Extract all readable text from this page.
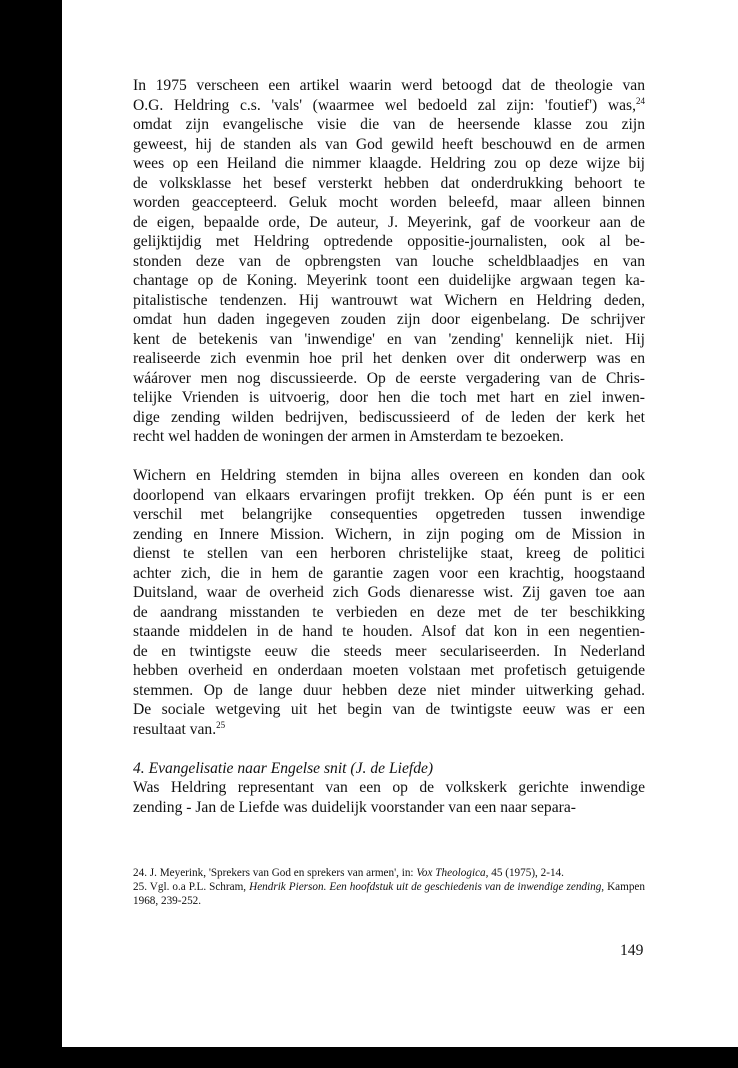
In 1975 verscheen een artikel waarin werd betoogd dat de theologie van
O.G. Heldring c.s. 'vals' (waarmee wel bedoeld zal zijn: 'foutief') was,$^{24}$
omdat zijn evangelische visie die van de heersende klasse zou zijn
geweest, hij de standen als van God gewild heeft beschouwd en de armen
wees op een Heiland die nimmer klaagde. Heldring zou op deze wijze bij
de volksklasse het besef versterkt hebben dat onderdrukking behoort te
worden geaccepteerd. Geluk mocht worden beleefd, maar alleen binnen
de eigen, bepaalde orde, De auteur, J. Meyerink, gaf de voorkeur aan de
gelijktijdig met Heldring optredende oppositie-journalisten, ook al be-
stonden deze van de opbrengsten van louche scheldblaadjes en van
chantage op de Koning. Meyerink toont een duidelijke argwaan tegen ka-
pitalistische tendenzen. Hij wantrouwt wat Wichern en Heldring deden,
omdat hun daden ingegeven zouden zijn door eigenbelang. De schrijver
kent de betekenis van 'inwendige' en van 'zending' kennelijk niet. Hij
realiseerde zich evenmin hoe pril het denken over dit onderwerp was en
wáárover men nog discussieerde. Op de eerste vergadering van de Chris-
telijke Vrienden is uitvoerig, door hen die toch met hart en ziel inwen-
dige zending wilden bedrijven, bediscussieerd of de leden der kerk het
recht wel hadden de woningen der armen in Amsterdam te bezoeken.

Wichern en Heldring stemden in bijna alles overeen en konden dan ook
doorlopend van elkaars ervaringen profijt trekken. Op één punt is er een
verschil met belangrijke consequenties opgetreden tussen inwendige
zending en Innere Mission. Wichern, in zijn poging om de Mission in
dienst te stellen van een herboren christelijke staat, kreeg de politici
achter zich, die in hem de garantie zagen voor een krachtig, hoogstaand
Duitsland, waar de overheid zich Gods dienaresse wist. Zij gaven toe aan
de aandrang misstanden te verbieden en deze met de ter beschikking
staande middelen in de hand te houden. Alsof dat kon in een negentien-
de en twintigste eeuw die steeds meer seculariseerden. In Nederland
hebben overheid en onderdaan moeten volstaan met profetisch getuigende
stemmen. Op de lange duur hebben deze niet minder uitwerking gehad.
De sociale wetgeving uit het begin van de twintigste eeuw was er een
resultaat van.$^{25}$

4. Evangelisatie naar Engelse snit (J. de Liefde)

Was Heldring representant van een op de volkskerk gerichte inwendige
zending - Jan de Liefde was duidelijk voorstander van een naar separa-

24. J. Meyerink, 'Sprekers van God en sprekers van armen', in: Vox Theologica, 45 (1975), 2-14.

25. Vgl. o.a P.L. Schram, Hendrik Pierson. Een hoofdstuk uit de geschiedenis van de inwendige zending, Kampen 1968, 239-252.

149
